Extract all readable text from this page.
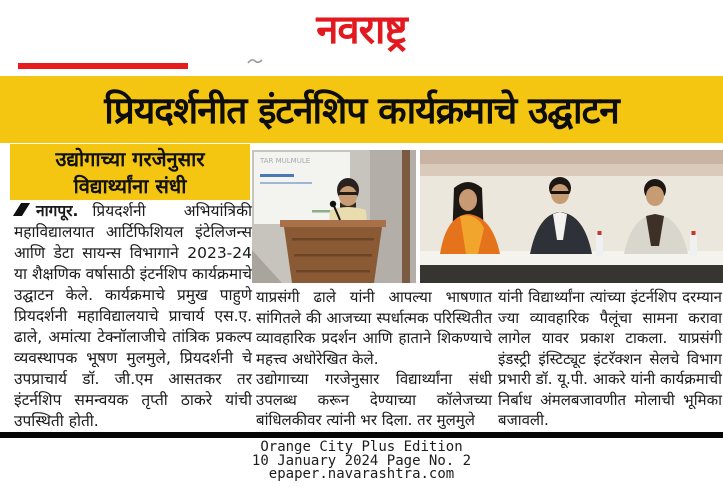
नवराष्ट्र
प्रियदर्शनीत इंटर्नशिप कार्यक्रमाचे उद्घाटन
उद्योगाच्या गरजेनुसार
विद्यार्थ्यांना संधी

नागपूर. प्रियदर्शनी अभियांत्रिकी महाविद्यालयात आर्टिफिशियल इंटेलिजन्स आणि डेटा सायन्स विभागाने 2023-24 या शैक्षणिक वर्षासाठी इंटर्नशिप कार्यक्रमाचे उद्घाटन केले. कार्यक्रमाचे प्रमुख पाहुणे प्रियदर्शनी महाविद्यालयाचे प्राचार्य एस.ए. ढाले, अमांत्या टेक्नॉलाजीचे तांत्रिक प्रकल्प व्यवस्थापक भूषण मुलमुले, प्रियदर्शनी चे उपप्राचार्य डॉ. जी.एम आसतकर तर इंटर्नशिप समन्वयक तृप्ती ठाकरे यांची उपस्थिती होती.

TAR MULMULE

याप्रसंगी ढाले यांनी आपल्या भाषणात सांगितले की आजच्या स्पर्धात्मक परिस्थितीत व्यावहारिक प्रदर्शन आणि हाताने शिकण्याचे महत्त्व अधोरेखित केले.

उद्योगाच्या गरजेनुसार विद्यार्थ्यांना संधी उपलब्ध करून देण्याच्या कॉलेजच्या बांधिलकीवर त्यांनी भर दिला. तर मुलमुले

यांनी विद्यार्थ्यांना त्यांच्या इंटर्नशिप दरम्यान ज्या व्यावहारिक पैलूंचा सामना करावा लागेल यावर प्रकाश टाकला. याप्रसंगी इंडस्ट्री इंस्टिट्यूट इंटरॅक्शन सेलचे विभाग प्रभारी डॉ. यू.पी. आकरे यांनी कार्यक्रमाची निर्बाध अंमलबजावणीत मोलाची भूमिका बजावली.

Orange City Plus Edition
10 January 2024 Page No. 2
epaper.navarashtra.com
